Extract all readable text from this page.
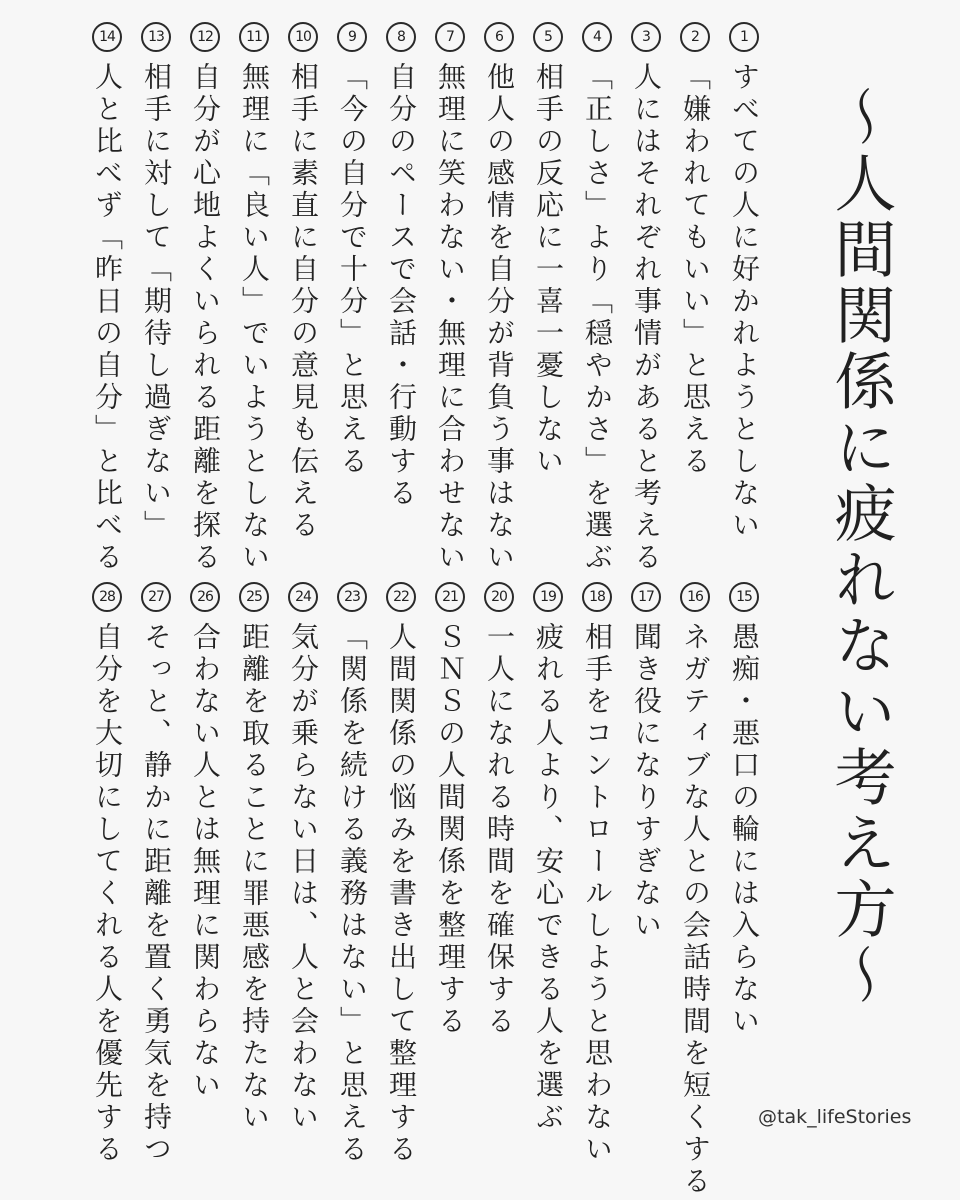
〜人間関係に疲れない考え方〜
1
すべての人に好かれようとしない
2
「嫌われてもいい」と思える
3
人にはそれぞれ事情があると考える
4
「正しさ」より「穏やかさ」を選ぶ
5
相手の反応に一喜一憂しない
6
他人の感情を自分が背負う事はない
7
無理に笑わない・無理に合わせない
8
自分のペースで会話・行動する
9
「今の自分で十分」と思える
10
相手に素直に自分の意見も伝える
11
無理に「良い人」でいようとしない
12
自分が心地よくいられる距離を探る
13
相手に対して「期待し過ぎない」
14
人と比べず「昨日の自分」と比べる
15
愚痴・悪口の輪には入らない
16
ネガティブな人との会話時間を短くする
17
聞き役になりすぎない
18
相手をコントロールしようと思わない
19
疲れる人より、安心できる人を選ぶ
20
一人になれる時間を確保する
21
ＳＮＳの人間関係を整理する
22
人間関係の悩みを書き出して整理する
23
「関係を続ける義務はない」と思える
24
気分が乗らない日は、人と会わない
25
距離を取ることに罪悪感を持たない
26
合わない人とは無理に関わらない
27
そっと、静かに距離を置く勇気を持つ
28
自分を大切にしてくれる人を優先する	@tak_lifeStories
